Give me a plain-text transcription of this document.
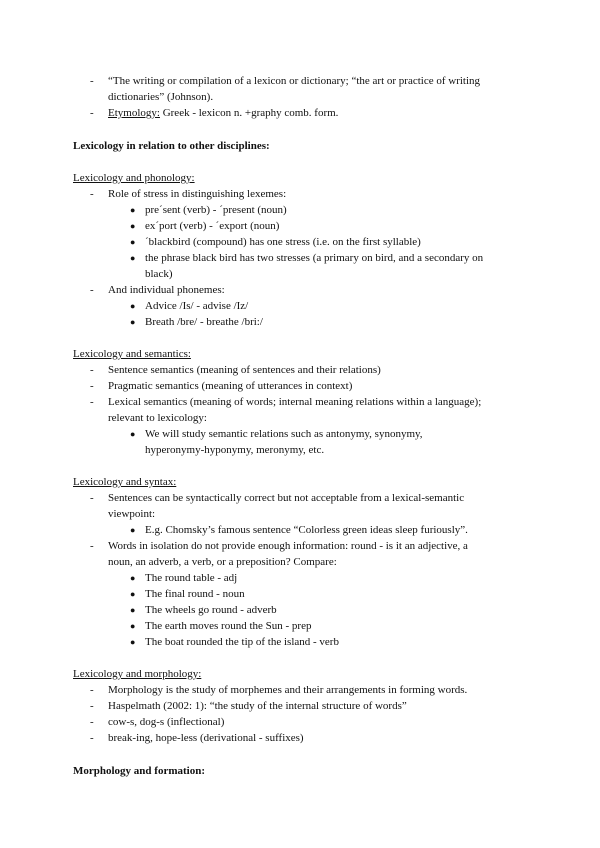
- “The writing or compilation of a lexicon or dictionary; “the art or practice of writing
dictionaries” (Johnson).
- Etymology: Greek - lexicon n. +graphy comb. form.
Lexicology in relation to other disciplines:
Lexicology and phonology:
- Role of stress in distinguishing lexemes:
● pre´sent (verb) - ´present (noun)
● ex´port (verb) - ´export (noun)
● ´blackbird (compound) has one stress (i.e. on the first syllable)
● the phrase black bird has two stresses (a primary on bird, and a secondary on
black)
- And individual phonemes:
● Advice /Is/ - advise /Iz/
● Breath /bre/ - breathe /bri:/
Lexicology and semantics:
- Sentence semantics (meaning of sentences and their relations)
- Pragmatic semantics (meaning of utterances in context)
- Lexical semantics (meaning of words; internal meaning relations within a language);
relevant to lexicology:
● We will study semantic relations such as antonymy, synonymy,
hyperonymy-hyponymy, meronymy, etc.
Lexicology and syntax:
- Sentences can be syntactically correct but not acceptable from a lexical-semantic
viewpoint:
● E.g. Chomsky’s famous sentence “Colorless green ideas sleep furiously”.
- Words in isolation do not provide enough information: round - is it an adjective, a
noun, an adverb, a verb, or a preposition? Compare:
● The round table - adj
● The final round - noun
● The wheels go round - adverb
● The earth moves round the Sun - prep
● The boat rounded the tip of the island - verb
Lexicology and morphology:
- Morphology is the study of morphemes and their arrangements in forming words.
- Haspelmath (2002: 1): “the study of the internal structure of words”
- cow-s, dog-s (inflectional)
- break-ing, hope-less (derivational - suffixes)
Morphology and formation:
